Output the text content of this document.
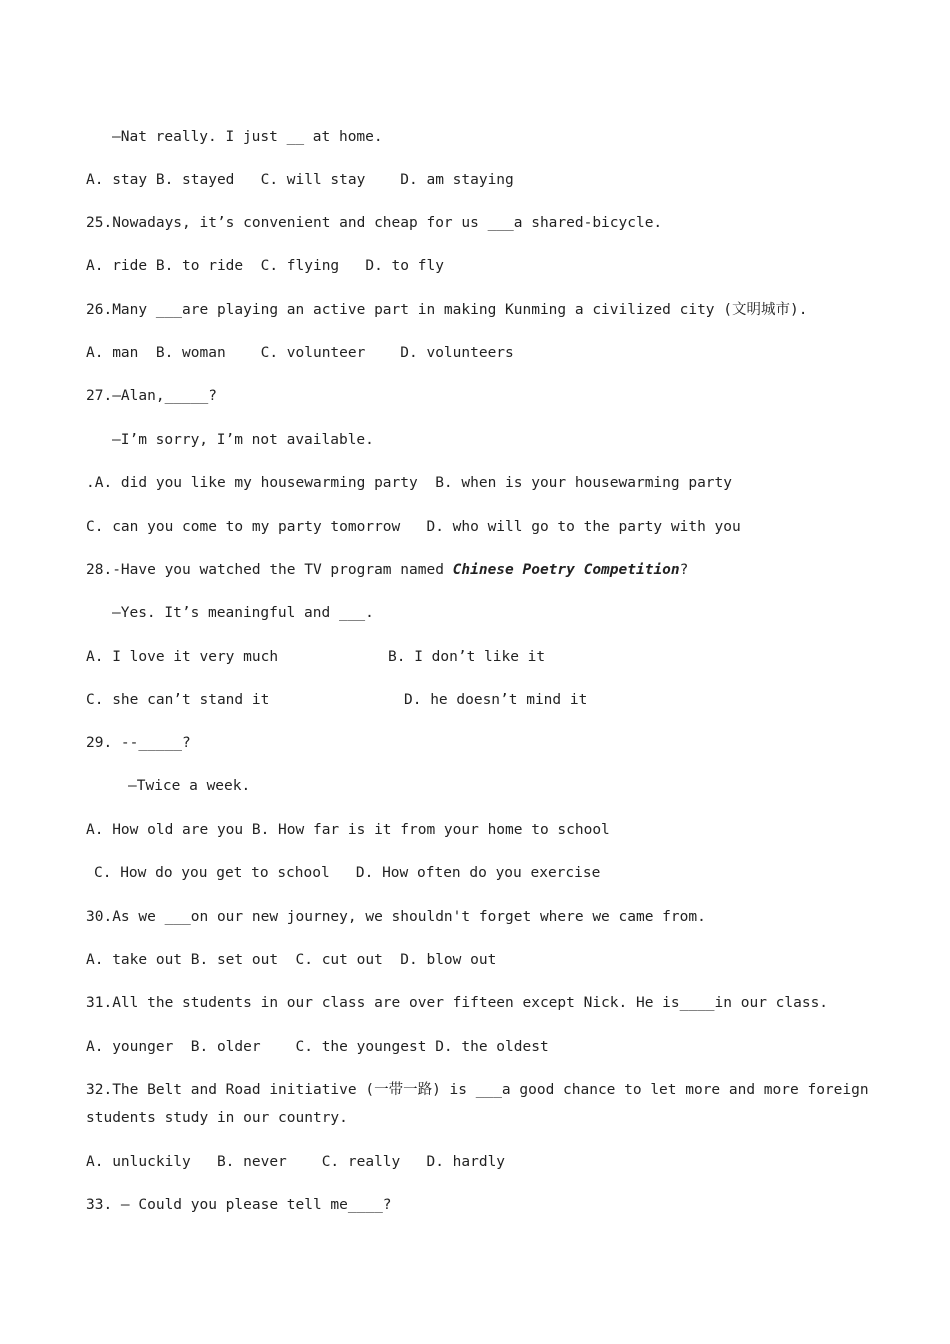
—Nat really. I just __ at home.
A. stay B. stayed   C. will stay    D. am staying
25.Nowadays, it’s convenient and cheap for us ___a shared-bicycle.
A. ride B. to ride  C. flying   D. to fly
26.Many ___are playing an active part in making Kunming a civilized city (文明城市).
A. man  B. woman    C. volunteer    D. volunteers
27.—Alan,_____?
—I’m sorry, I’m not available.
.A. did you like my housewarming party  B. when is your housewarming party
C. can you come to my party tomorrow   D. who will go to the party with you
28.-Have you watched the TV program named Chinese Poetry Competition?
—Yes. It’s meaningful and ___.
A. I love it very much	B. I don’t like it
C. she can’t stand it	D. he doesn’t mind it
29. --_____?
—Twice a week.
A. How old are you B. How far is it from your home to school
C. How do you get to school   D. How often do you exercise
30.As we ___on our new journey, we shouldn't forget where we came from.
A. take out B. set out  C. cut out  D. blow out
31.All the students in our class are over fifteen except Nick. He is____in our class.
A. younger  B. older    C. the youngest D. the oldest
32.The Belt and Road initiative (一带一路) is ___a good chance to let more and more foreign
students study in our country.
A. unluckily   B. never    C. really   D. hardly
33. — Could you please tell me____?
